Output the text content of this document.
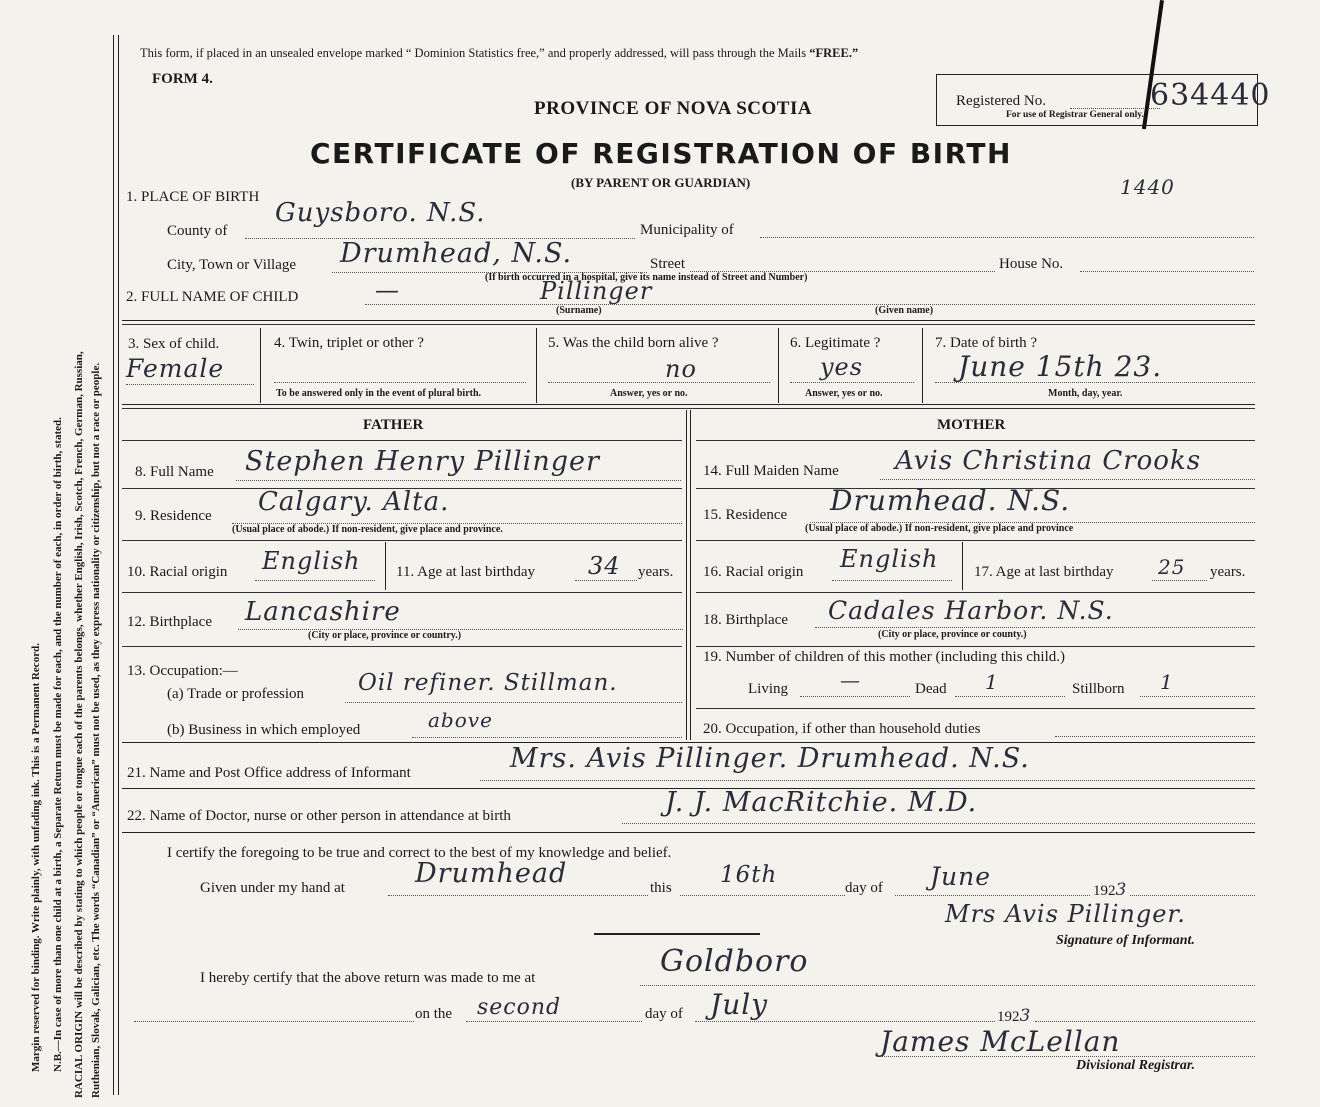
Margin reserved for binding. Write plainly, with unfading ink. This is a Permanent Record. N.B.—In case of more than one child at a birth, a Separate Return must be made for each, and the number of each, in order of birth, stated. RACIAL ORIGIN will be described by stating to which people or tongue each of the parents belongs, whether English, Irish, Scotch, French, German, Russian, Ruthenian, Slovak, Galician, etc. The words “Canadian” or “American” must not be used, as they express nationality or citizenship, but not a race or people.
This form, if placed in an unsealed envelope marked “ Dominion Statistics free,” and properly addressed, will pass through the Mails “FREE.”
FORM 4.
PROVINCE OF NOVA SCOTIA
CERTIFICATE OF REGISTRATION OF BIRTH
(BY PARENT OR GUARDIAN)
Registered No.	634440
For use of Registrar General only.
1440
1. PLACE OF BIRTH
Guysboro. N.S.
County of	Municipality of
City, Town or Village Drumhead, N.S.	Street	House No.
(If birth occurred in a hospital, give its name instead of Street and Number)
2. FULL NAME OF CHILD	—	Pillinger
(Surname)	(Given name)
3. Sex of child.
Female
4. Twin, triplet or other ?
To be answered only in the event of plural birth.
5. Was the child born alive ?
no
Answer, yes or no.
6. Legitimate ?
yes
Answer, yes or no.
7. Date of birth ?
June 15th 23.
Month, day, year.
FATHER
8. Full Name Stephen Henry Pillinger
9. Residence Calgary. Alta.
(Usual place of abode.) If non-resident, give place and province.
10. Racial origin English 11. Age at last birthday 34 years.
12. Birthplace Lancashire
(City or place, province or country.)
13. Occupation:—
(a) Trade or profession Oil refiner. Stillman.
(b) Business in which employed	above
MOTHER
14. Full Maiden Name Avis Christina Crooks
15. Residence Drumhead. N.S.
(Usual place of abode.) If non-resident, give place and province
16. Racial origin English 17. Age at last birthday 25 years.
18. Birthplace Cadales Harbor. N.S.
(City or place, province or county.)
19. Number of children of this mother (including this child.)
Living	—	Dead 1	Stillborn 1
20. Occupation, if other than household duties
21. Name and Post Office address of Informant	Mrs. Avis Pillinger. Drumhead. N.S.
22. Name of Doctor, nurse or other person in attendance at birth	J. J. MacRitchie. M.D.
I certify the foregoing to be true and correct to the best of my knowledge and belief.
Given under my hand at	Drumhead	this 16th	day of June	1923
Mrs Avis Pillinger.
Signature of Informant.
I hereby certify that the above return was made to me at	Goldboro
on the second	day of July	1923
James McLellan
Divisional Registrar.
